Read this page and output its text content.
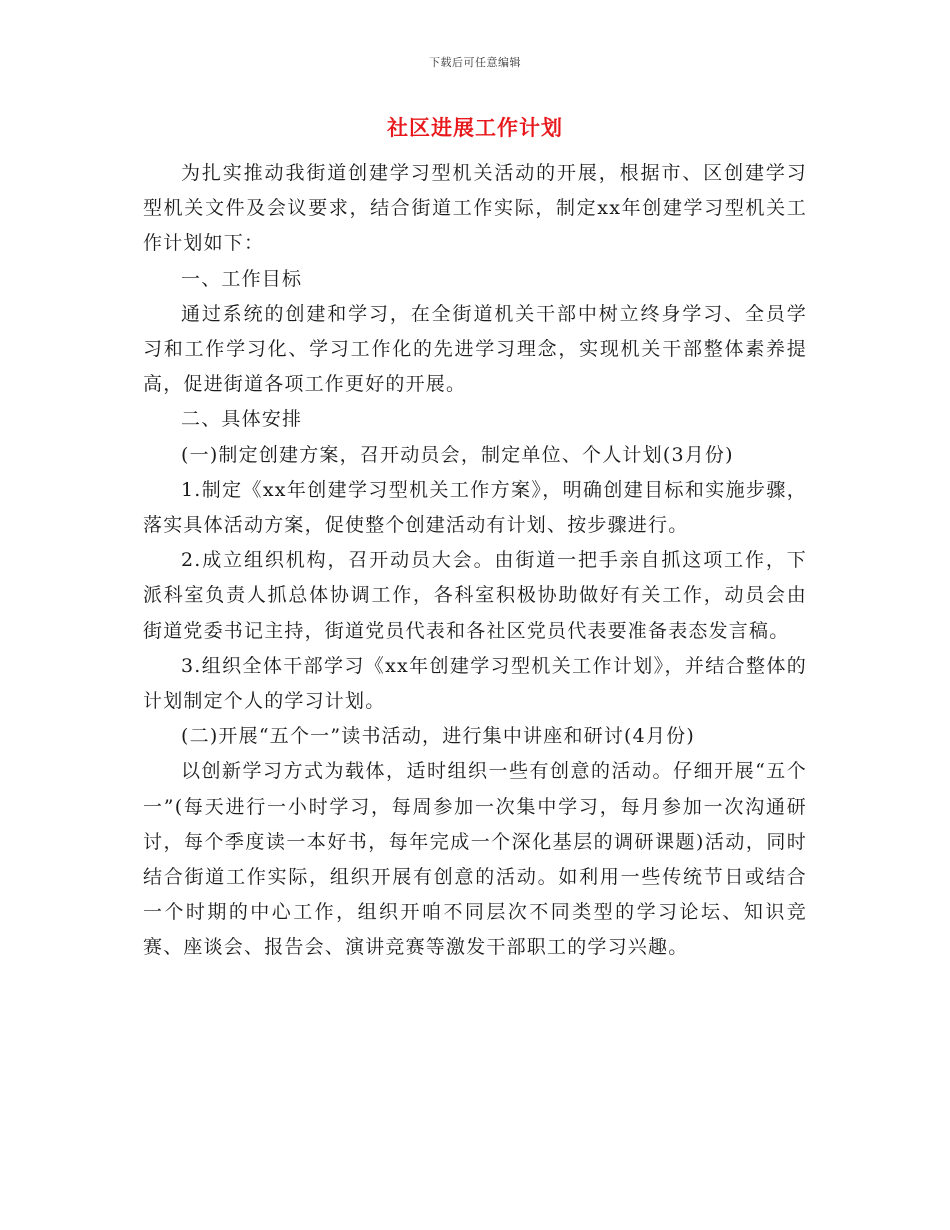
下载后可任意编辑
社区进展工作计划

为扎实推动我街道创建学习型机关活动的开展，根据市、区创建学习型机关文件及会议要求，结合街道工作实际，制定xx年创建学习型机关工作计划如下：

一、工作目标

通过系统的创建和学习，在全街道机关干部中树立终身学习、全员学习和工作学习化、学习工作化的先进学习理念，实现机关干部整体素养提高，促进街道各项工作更好的开展。

二、具体安排

(一)制定创建方案，召开动员会，制定单位、个人计划(3月份)

1.制定《xx年创建学习型机关工作方案》，明确创建目标和实施步骤，落实具体活动方案，促使整个创建活动有计划、按步骤进行。

2.成立组织机构，召开动员大会。由街道一把手亲自抓这项工作，下派科室负责人抓总体协调工作，各科室积极协助做好有关工作，动员会由街道党委书记主持，街道党员代表和各社区党员代表要准备表态发言稿。

3.组织全体干部学习《xx年创建学习型机关工作计划》，并结合整体的计划制定个人的学习计划。

(二)开展“五个一”读书活动，进行集中讲座和研讨(4月份)

以创新学习方式为载体，适时组织一些有创意的活动。仔细开展“五个一”(每天进行一小时学习，每周参加一次集中学习，每月参加一次沟通研讨，每个季度读一本好书，每年完成一个深化基层的调研课题)活动，同时结合街道工作实际，组织开展有创意的活动。如利用一些传统节日或结合一个时期的中心工作，组织开咱不同层次不同类型的学习论坛、知识竞赛、座谈会、报告会、演讲竞赛等激发干部职工的学习兴趣。
